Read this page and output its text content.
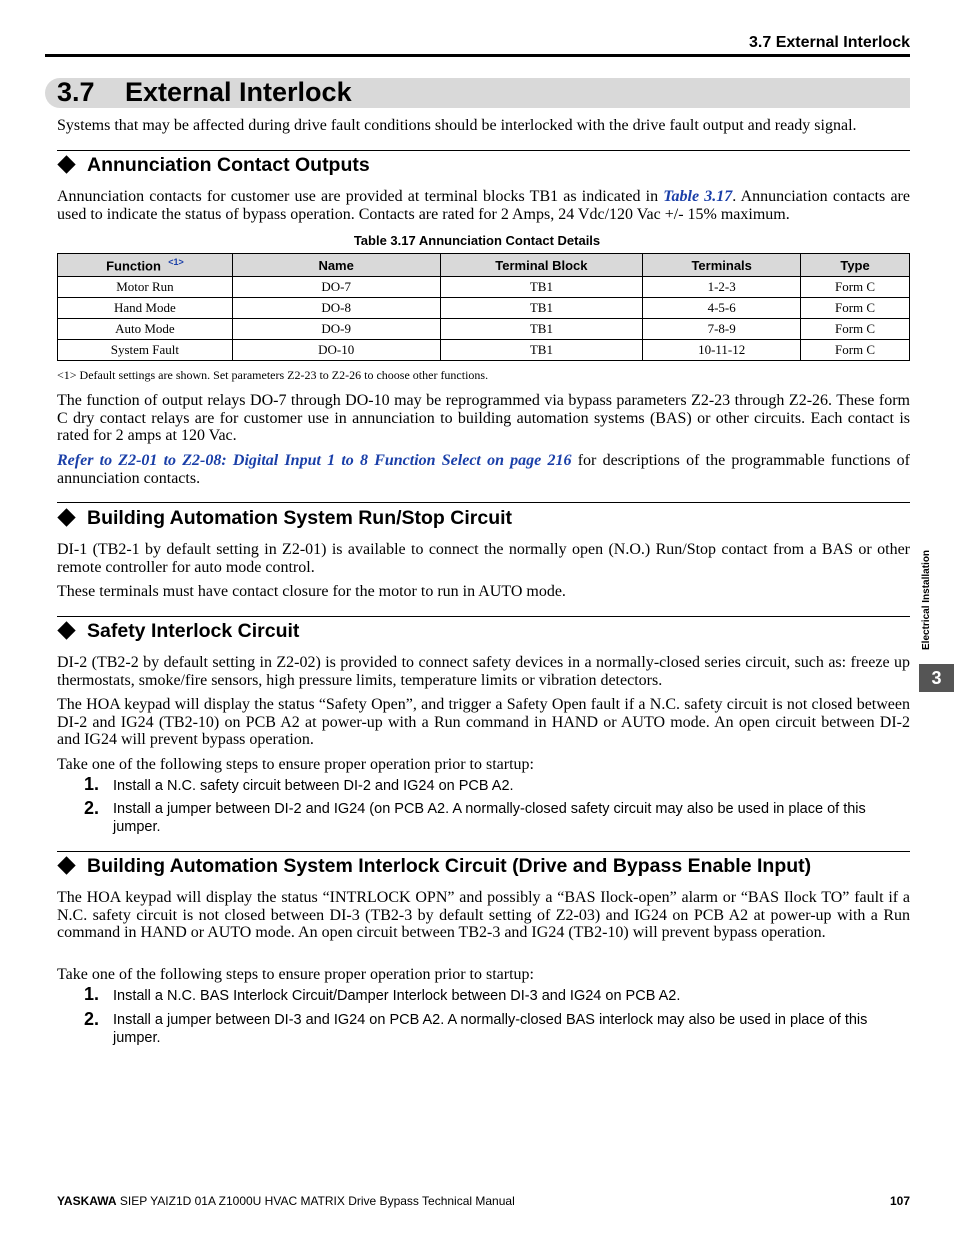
3.7 External Interlock
3.7 External Interlock
Systems that may be affected during drive fault conditions should be interlocked with the drive fault output and ready signal.
Annunciation Contact Outputs
Annunciation contacts for customer use are provided at terminal blocks TB1 as indicated in Table 3.17. Annunciation contacts are used to indicate the status of bypass operation. Contacts are rated for 2 Amps, 24 Vdc/120 Vac +/- 15% maximum.
Table 3.17 Annunciation Contact Details
Function $^{<1>}$	Name	Terminal Block	Terminals	Type
Motor Run	DO-7	TB1	1-2-3	Form C
Hand Mode	DO-8	TB1	4-5-6	Form C
Auto Mode	DO-9	TB1	7-8-9	Form C
System Fault	DO-10	TB1	10-11-12	Form C
<1> Default settings are shown. Set parameters Z2-23 to Z2-26 to choose other functions.
The function of output relays DO-7 through DO-10 may be reprogrammed via bypass parameters Z2-23 through Z2-26. These form C dry contact relays are for customer use in annunciation to building automation systems (BAS) or other circuits. Each contact is rated for 2 amps at 120 Vac.
Refer to Z2-01 to Z2-08: Digital Input 1 to 8 Function Select on page 216 for descriptions of the programmable functions of annunciation contacts.
Building Automation System Run/Stop Circuit
DI-1 (TB2-1 by default setting in Z2-01) is available to connect the normally open (N.O.) Run/Stop contact from a BAS or other remote controller for auto mode control.
These terminals must have contact closure for the motor to run in AUTO mode.
Safety Interlock Circuit
DI-2 (TB2-2 by default setting in Z2-02) is provided to connect safety devices in a normally-closed series circuit, such as: freeze up thermostats, smoke/fire sensors, high pressure limits, temperature limits or vibration detectors.
The HOA keypad will display the status “Safety Open”, and trigger a Safety Open fault if a N.C. safety circuit is not closed between DI-2 and IG24 (TB2-10) on PCB A2 at power-up with a Run command in HAND or AUTO mode. An open circuit between DI-2 and IG24 will prevent bypass operation.
Take one of the following steps to ensure proper operation prior to startup:
1. Install a N.C. safety circuit between DI-2 and IG24 on PCB A2.
2. Install a jumper between DI-2 and IG24 (on PCB A2. A normally-closed safety circuit may also be used in place of this jumper.
Building Automation System Interlock Circuit (Drive and Bypass Enable Input)
The HOA keypad will display the status “INTRLOCK OPN” and possibly a “BAS Ilock-open” alarm or “BAS Ilock TO” fault if a N.C. safety circuit is not closed between DI-3 (TB2-3 by default setting of Z2-03) and IG24 on PCB A2 at power-up with a Run command in HAND or AUTO mode. An open circuit between TB2-3 and IG24 (TB2-10) will prevent bypass operation.
Take one of the following steps to ensure proper operation prior to startup:
1. Install a N.C. BAS Interlock Circuit/Damper Interlock between DI-3 and IG24 on PCB A2.
2. Install a jumper between DI-3 and IG24 on PCB A2. A normally-closed BAS interlock may also be used in place of this jumper.
Electrical Installation
3
YASKAWA SIEP YAIZ1D 01A Z1000U HVAC MATRIX Drive Bypass Technical Manual	107
